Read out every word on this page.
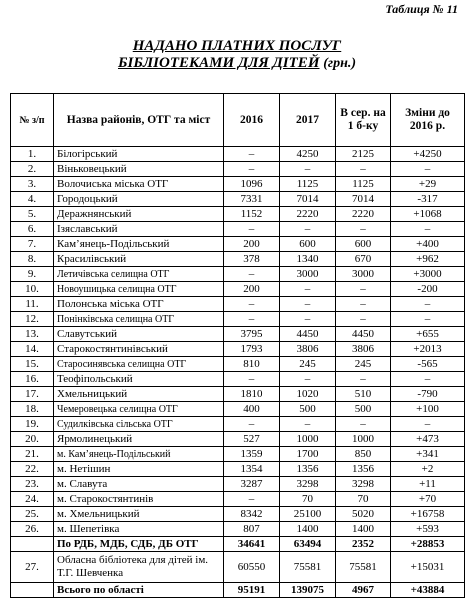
Таблиця № 11
НАДАНО ПЛАТНИХ ПОСЛУГ
БІБЛІОТЕКАМИ ДЛЯ ДІТЕЙ (грн.)
№ з/п	Назва районів, ОТГ та міст	2016	2017	В сер. на 1 б-ку	Зміни до 2016 р.
1.	Білогірський	–	4250	2125	+4250
2.	Віньковецький	–	–	–	–
3.	Волочиська міська ОТГ	1096	1125	1125	+29
4.	Городоцький	7331	7014	7014	-317
5.	Деражнянський	1152	2220	2220	+1068
6.	Ізяславський	–	–	–	–
7.	Кам’янець-Подільський	200	600	600	+400
8.	Красилівський	378	1340	670	+962
9.	Летичівська селищна ОТГ	–	3000	3000	+3000
10.	Новоушицька селищна ОТГ	200	–	–	-200
11.	Полонська міська ОТГ	–	–	–	–
12.	Понінківська селищна ОТГ	–	–	–	–
13.	Славутський	3795	4450	4450	+655
14.	Старокостянтинівський	1793	3806	3806	+2013
15.	Старосинявська селищна ОТГ	810	245	245	-565
16.	Теофіпольський	–	–	–	–
17.	Хмельницький	1810	1020	510	-790
18.	Чемеровецька селищна ОТГ	400	500	500	+100
19.	Судилківська сільська ОТГ	–	–	–	–
20.	Ярмолинецький	527	1000	1000	+473
21.	м. Кам’янець-Подільський	1359	1700	850	+341
22.	м. Нетішин	1354	1356	1356	+2
23.	м. Славута	3287	3298	3298	+11
24.	м. Старокостянтинів	–	70	70	+70
25.	м. Хмельницький	8342	25100	5020	+16758
26.	м. Шепетівка	807	1400	1400	+593
	По РДБ, МДБ, СДБ, ДБ ОТГ	34641	63494	2352	+28853
27.	Обласна бібліотека для дітей ім. Т.Г. Шевченка	60550	75581	75581	+15031
	Всього по області	95191	139075	4967	+43884
